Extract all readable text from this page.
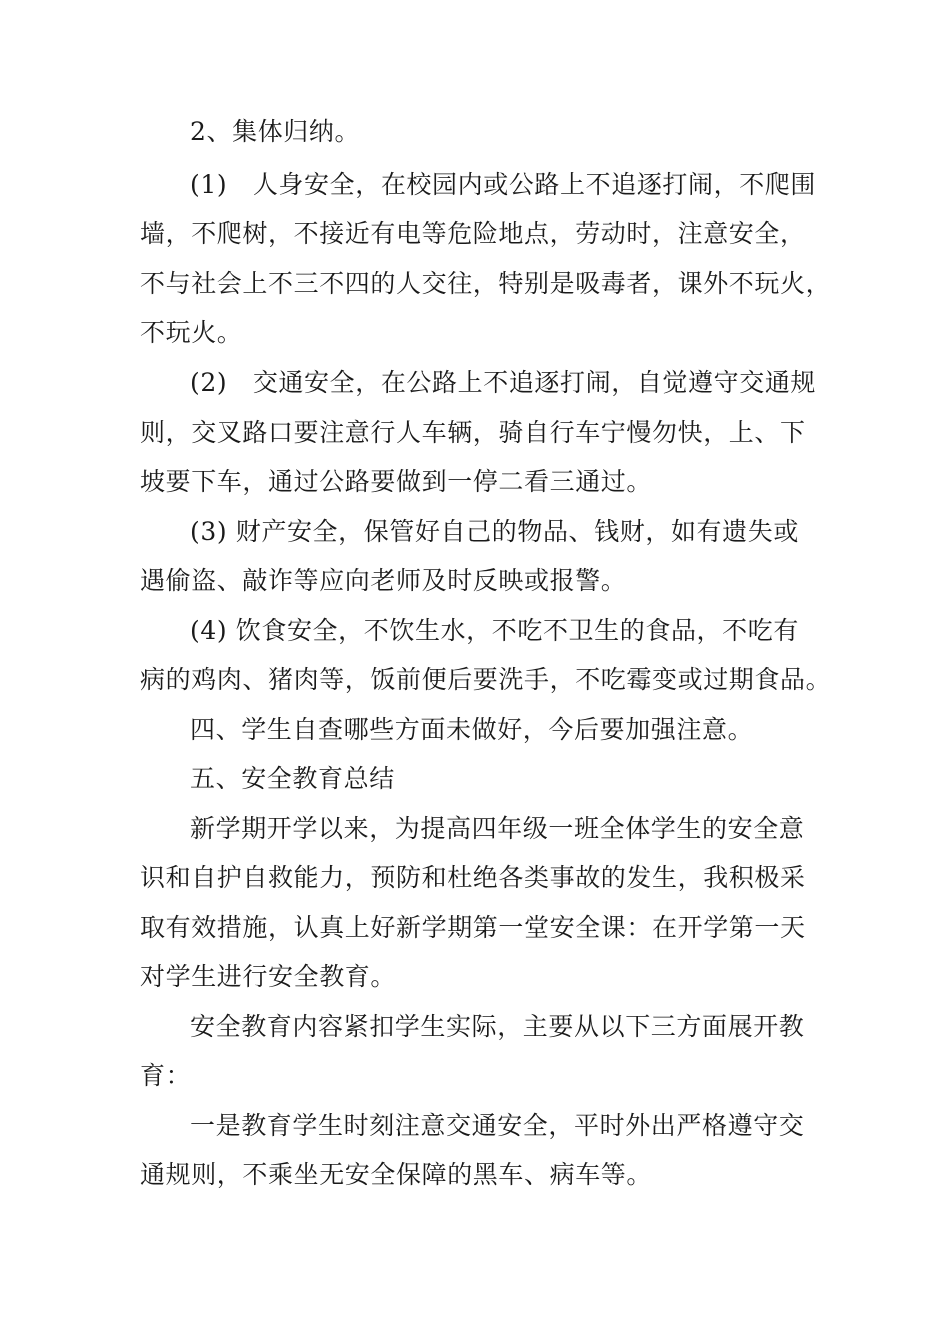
2、集体归纳。
(1)　人身安全，在校园内或公路上不追逐打闹，不爬围
墙，不爬树，不接近有电等危险地点，劳动时，注意安全，
不与社会上不三不四的人交往，特别是吸毒者，课外不玩火，
不玩火。
(2)　交通安全，在公路上不追逐打闹，自觉遵守交通规
则，交叉路口要注意行人车辆，骑自行车宁慢勿快，上、下
坡要下车，通过公路要做到一停二看三通过。
(3) 财产安全，保管好自己的物品、钱财，如有遗失或
遇偷盗、敲诈等应向老师及时反映或报警。
(4) 饮食安全，不饮生水，不吃不卫生的食品，不吃有
病的鸡肉、猪肉等，饭前便后要洗手，不吃霉变或过期食品。
四、学生自查哪些方面未做好，今后要加强注意。
五、安全教育总结
新学期开学以来，为提高四年级一班全体学生的安全意
识和自护自救能力，预防和杜绝各类事故的发生，我积极采
取有效措施，认真上好新学期第一堂安全课：在开学第一天
对学生进行安全教育。
安全教育内容紧扣学生实际，主要从以下三方面展开教
育：
一是教育学生时刻注意交通安全，平时外出严格遵守交
通规则，不乘坐无安全保障的黑车、病车等。
